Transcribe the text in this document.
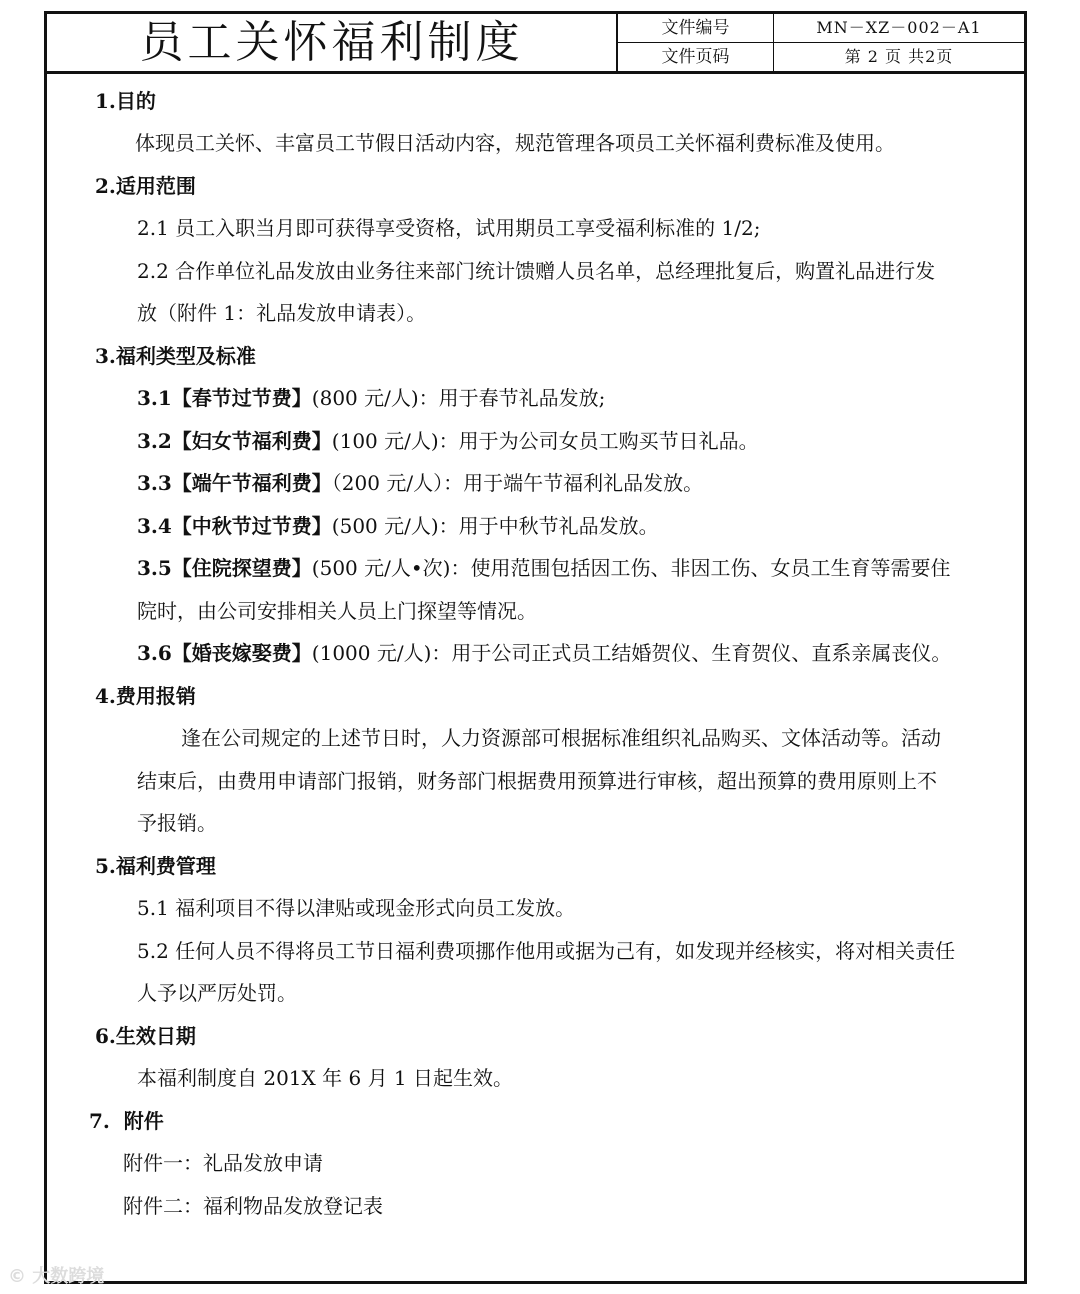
员工关怀福利制度	文件编号	MN－XZ－002－A1
文件页码	第 2 页 共2页
1.目的
体现员工关怀、丰富员工节假日活动内容，规范管理各项员工关怀福利费标准及使用。
2.适用范围
2.1 员工入职当月即可获得享受资格，试用期员工享受福利标准的 1/2;
2.2 合作单位礼品发放由业务往来部门统计馈赠人员名单，总经理批复后，购置礼品进行发
放（附件 1：礼品发放申请表）。
3.福利类型及标准
3.1【春节过节费】(800 元/人)：用于春节礼品发放;
3.2【妇女节福利费】(100 元/人)：用于为公司女员工购买节日礼品。
3.3【端午节福利费】（200 元/人）：用于端午节福利礼品发放。
3.4【中秋节过节费】(500 元/人)：用于中秋节礼品发放。
3.5【住院探望费】(500 元/人•次)：使用范围包括因工伤、非因工伤、女员工生育等需要住
院时，由公司安排相关人员上门探望等情况。
3.6【婚丧嫁娶费】(1000 元/人)：用于公司正式员工结婚贺仪、生育贺仪、直系亲属丧仪。
4.费用报销
逢在公司规定的上述节日时，人力资源部可根据标准组织礼品购买、文体活动等。活动
结束后，由费用申请部门报销，财务部门根据费用预算进行审核，超出预算的费用原则上不
予报销。
5.福利费管理
5.1 福利项目不得以津贴或现金形式向员工发放。
5.2 任何人员不得将员工节日福利费项挪作他用或据为己有，如发现并经核实，将对相关责任
人予以严厉处罚。
6.生效日期
本福利制度自 201X 年 6 月 1 日起生效。
7.  附件
附件一：礼品发放申请
附件二：福利物品发放登记表
© 大数跨境
